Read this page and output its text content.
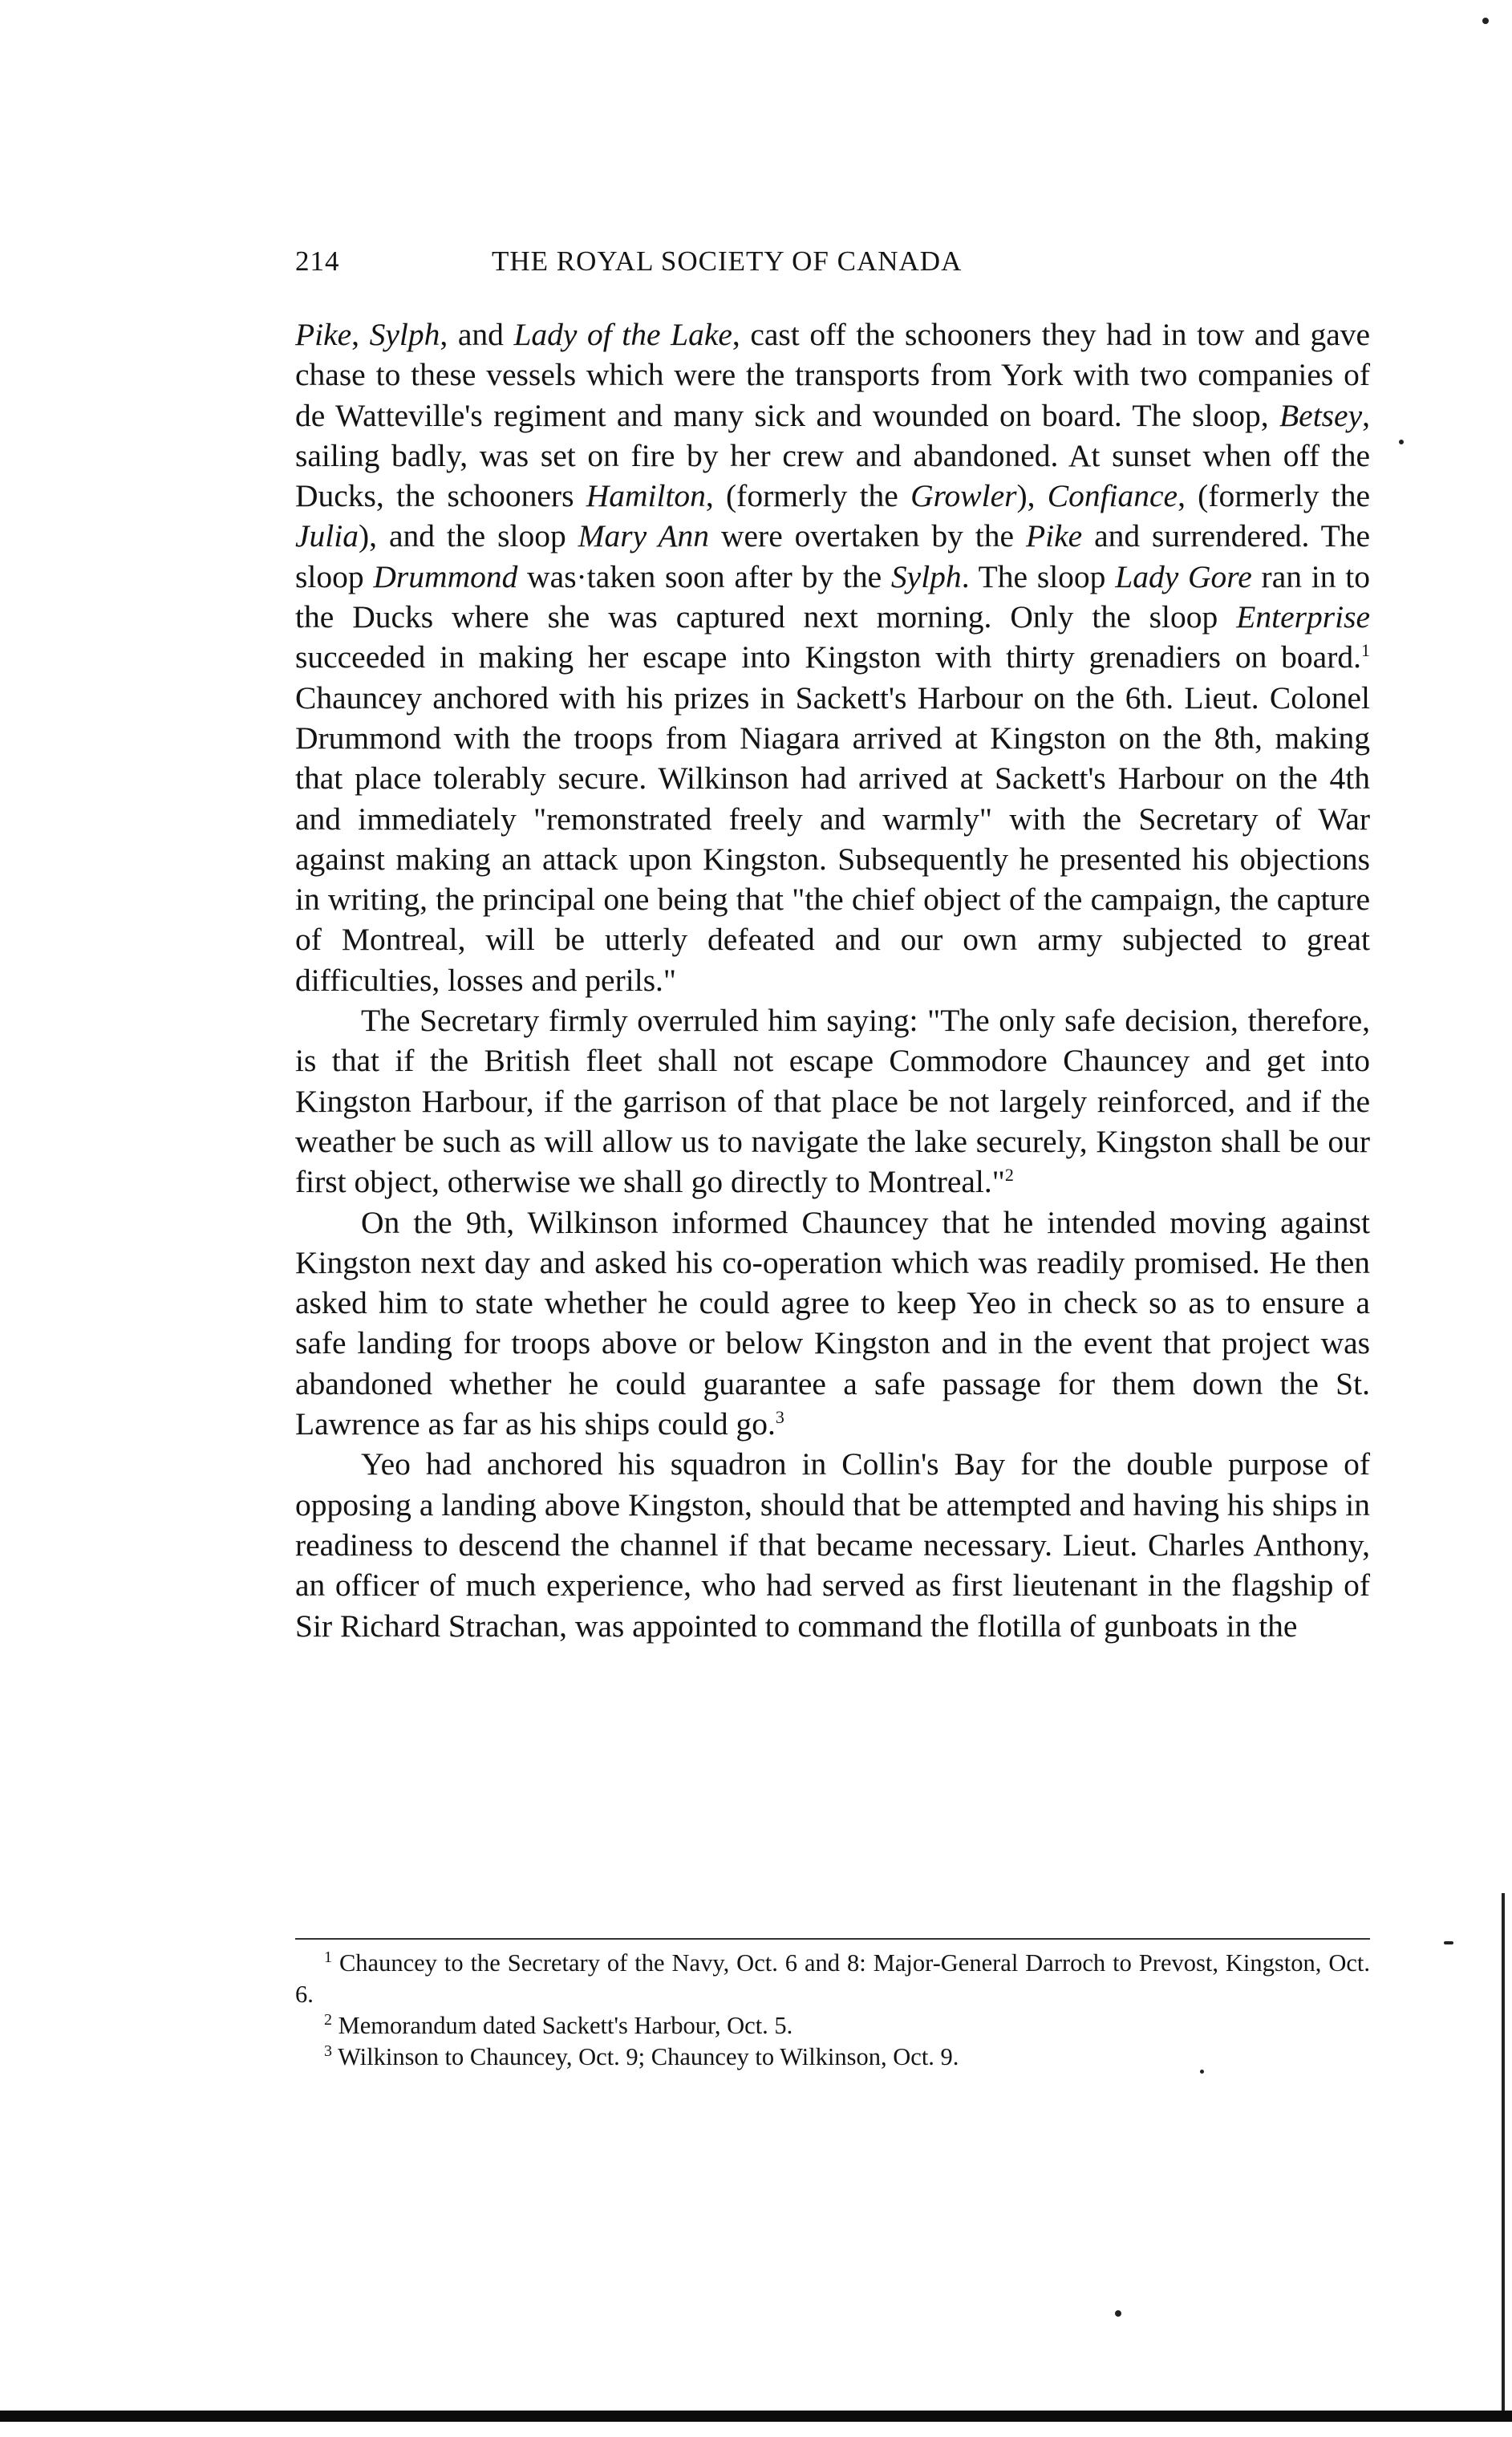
214	THE ROYAL SOCIETY OF CANADA

Pike, Sylph, and Lady of the Lake, cast off the schooners they had in tow and gave chase to these vessels which were the transports from York with two companies of de Watteville's regiment and many sick and wounded on board. The sloop, Betsey, sailing badly, was set on fire by her crew and abandoned. At sunset when off the Ducks, the schooners Hamilton, (formerly the Growler), Confiance, (formerly the Julia), and the sloop Mary Ann were overtaken by the Pike and surrendered. The sloop Drummond was·taken soon after by the Sylph. The sloop Lady Gore ran in to the Ducks where she was captured next morning. Only the sloop Enterprise succeeded in making her escape into Kingston with thirty grenadiers on board.$^1$ Chauncey anchored with his prizes in Sackett's Harbour on the 6th. Lieut. Colonel Drummond with the troops from Niagara arrived at Kingston on the 8th, making that place tolerably secure. Wilkinson had arrived at Sackett's Harbour on the 4th and immediately "remonstrated freely and warmly" with the Secretary of War against making an attack upon Kingston. Subsequently he presented his objections in writing, the principal one being that "the chief object of the campaign, the capture of Montreal, will be utterly defeated and our own army subjected to great difficulties, losses and perils."

The Secretary firmly overruled him saying: "The only safe decision, therefore, is that if the British fleet shall not escape Commodore Chauncey and get into Kingston Harbour, if the garrison of that place be not largely reinforced, and if the weather be such as will allow us to navigate the lake securely, Kingston shall be our first object, otherwise we shall go directly to Montreal."$^2$

On the 9th, Wilkinson informed Chauncey that he intended moving against Kingston next day and asked his co-operation which was readily promised. He then asked him to state whether he could agree to keep Yeo in check so as to ensure a safe landing for troops above or below Kingston and in the event that project was abandoned whether he could guarantee a safe passage for them down the St. Lawrence as far as his ships could go.$^3$

Yeo had anchored his squadron in Collin's Bay for the double purpose of opposing a landing above Kingston, should that be attempted and having his ships in readiness to descend the channel if that became necessary. Lieut. Charles Anthony, an officer of much experience, who had served as first lieutenant in the flagship of Sir Richard Strachan, was appointed to command the flotilla of gunboats in the

$^1$ Chauncey to the Secretary of the Navy, Oct. 6 and 8: Major-General Darroch to Prevost, Kingston, Oct. 6.

$^2$ Memorandum dated Sackett's Harbour, Oct. 5.

$^3$ Wilkinson to Chauncey, Oct. 9; Chauncey to Wilkinson, Oct. 9.
